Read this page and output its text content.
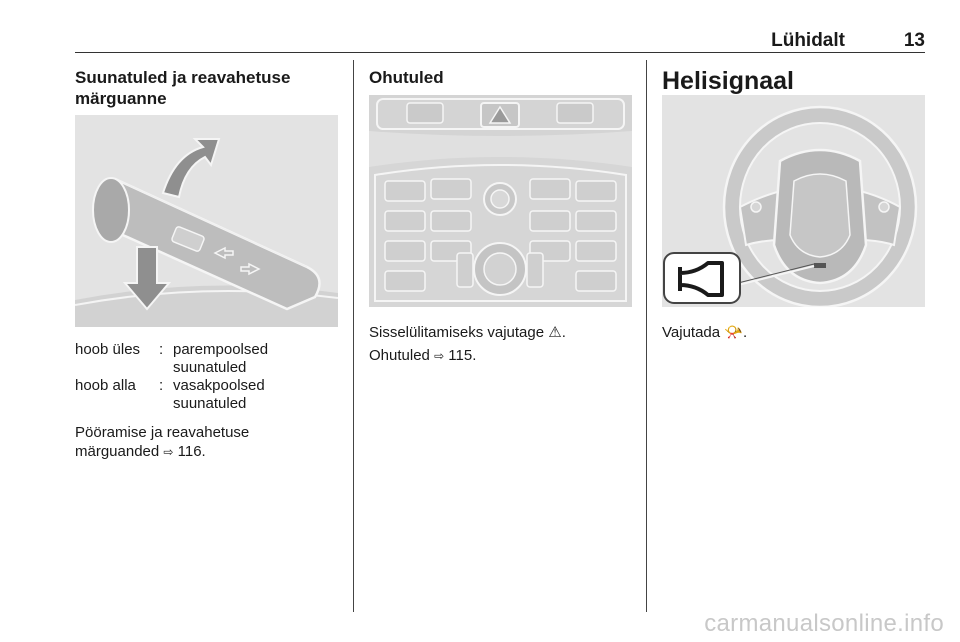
Lühidalt	13
Suunatuled ja reavahetuse
märguanne
hoob üles	:	parempoolsed
suunatuled
hoob alla	:	vasakpoolsed
suunatuled

Pööramise ja reavahetuse
märguanded ⇨ 116.

Ohutuled

Sisselülitamiseks vajutage ⚠.

Ohutuled ⇨ 115.

Helisignaal

Vajutada 📯.

carmanualsonline.info
